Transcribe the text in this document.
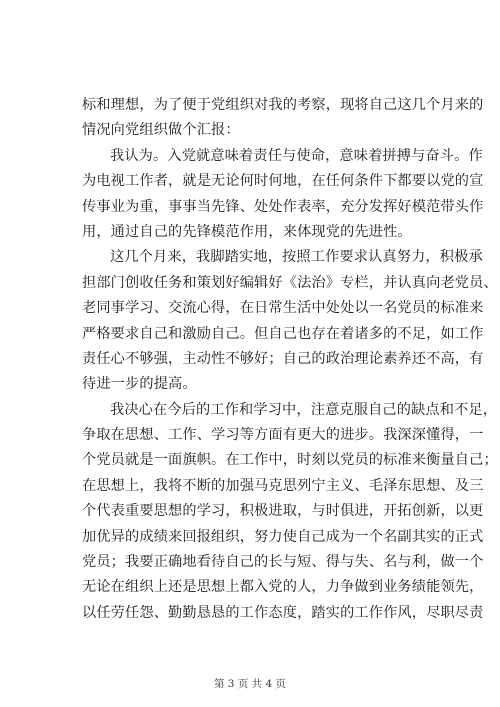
标和理想，为了便于党组织对我的考察，现将自己这几个月来的
情况向党组织做个汇报：
我认为。入党就意味着责任与使命，意味着拼搏与奋斗。作
为电视工作者，就是无论何时何地，在任何条件下都要以党的宣
传事业为重，事事当先锋、处处作表率，充分发挥好模范带头作
用，通过自己的先锋模范作用，来体现党的先进性。
这几个月来，我脚踏实地，按照工作要求认真努力，积极承
担部门创收任务和策划好编辑好《法治》专栏，并认真向老党员、
老同事学习、交流心得，在日常生活中处处以一名党员的标准来
严格要求自己和激励自己。但自己也存在着诸多的不足，如工作
责任心不够强，主动性不够好；自己的政治理论素养还不高，有
待进一步的提高。
我决心在今后的工作和学习中，注意克服自己的缺点和不足，
争取在思想、工作、学习等方面有更大的进步。我深深懂得，一
个党员就是一面旗帜。在工作中，时刻以党员的标准来衡量自己；
在思想上，我将不断的加强马克思列宁主义、毛泽东思想、及三
个代表重要思想的学习，积极进取，与时俱进，开拓创新，以更
加优异的成绩来回报组织，努力使自己成为一个名副其实的正式
党员；我要正确地看待自己的长与短、得与失、名与利，做一个
无论在组织上还是思想上都入党的人，力争做到业务绩能领先，
以任劳任怨、勤勤恳恳的工作态度，踏实的工作作风，尽职尽责
第 3 页 共 4 页
